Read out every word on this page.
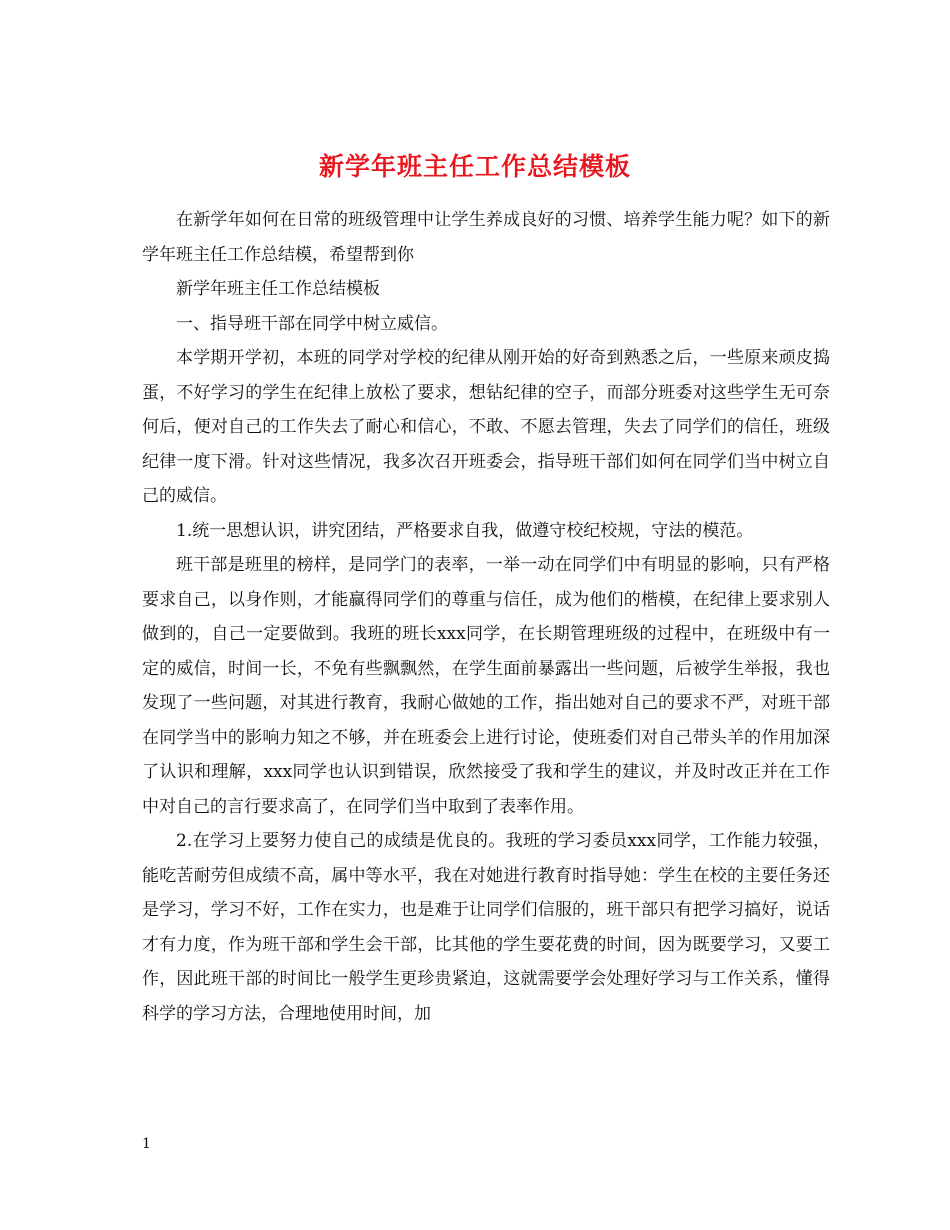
新学年班主任工作总结模板

在新学年如何在日常的班级管理中让学生养成良好的习惯、培养学生能力呢？如下的新学年班主任工作总结模，希望帮到你

新学年班主任工作总结模板

一、指导班干部在同学中树立威信。

本学期开学初，本班的同学对学校的纪律从刚开始的好奇到熟悉之后，一些原来顽皮捣蛋，不好学习的学生在纪律上放松了要求，想钻纪律的空子，而部分班委对这些学生无可奈何后，便对自己的工作失去了耐心和信心，不敢、不愿去管理，失去了同学们的信任，班级纪律一度下滑。针对这些情况，我多次召开班委会，指导班干部们如何在同学们当中树立自己的威信。

1.统一思想认识，讲究团结，严格要求自我，做遵守校纪校规，守法的模范。

班干部是班里的榜样，是同学门的表率，一举一动在同学们中有明显的影响，只有严格要求自己，以身作则，才能赢得同学们的尊重与信任，成为他们的楷模，在纪律上要求别人做到的，自己一定要做到。我班的班长xxx同学，在长期管理班级的过程中，在班级中有一定的威信，时间一长，不免有些飘飘然，在学生面前暴露出一些问题，后被学生举报，我也发现了一些问题，对其进行教育，我耐心做她的工作，指出她对自己的要求不严，对班干部在同学当中的影响力知之不够，并在班委会上进行讨论，使班委们对自己带头羊的作用加深了认识和理解，xxx同学也认识到错误，欣然接受了我和学生的建议，并及时改正并在工作中对自己的言行要求高了，在同学们当中取到了表率作用。

2.在学习上要努力使自己的成绩是优良的。我班的学习委员xxx同学，工作能力较强，能吃苦耐劳但成绩不高，属中等水平，我在对她进行教育时指导她：学生在校的主要任务还是学习，学习不好，工作在实力，也是难于让同学们信服的，班干部只有把学习搞好，说话才有力度，作为班干部和学生会干部，比其他的学生要花费的时间，因为既要学习，又要工作，因此班干部的时间比一般学生更珍贵紧迫，这就需要学会处理好学习与工作关系，懂得科学的学习方法，合理地使用时间，加

1
